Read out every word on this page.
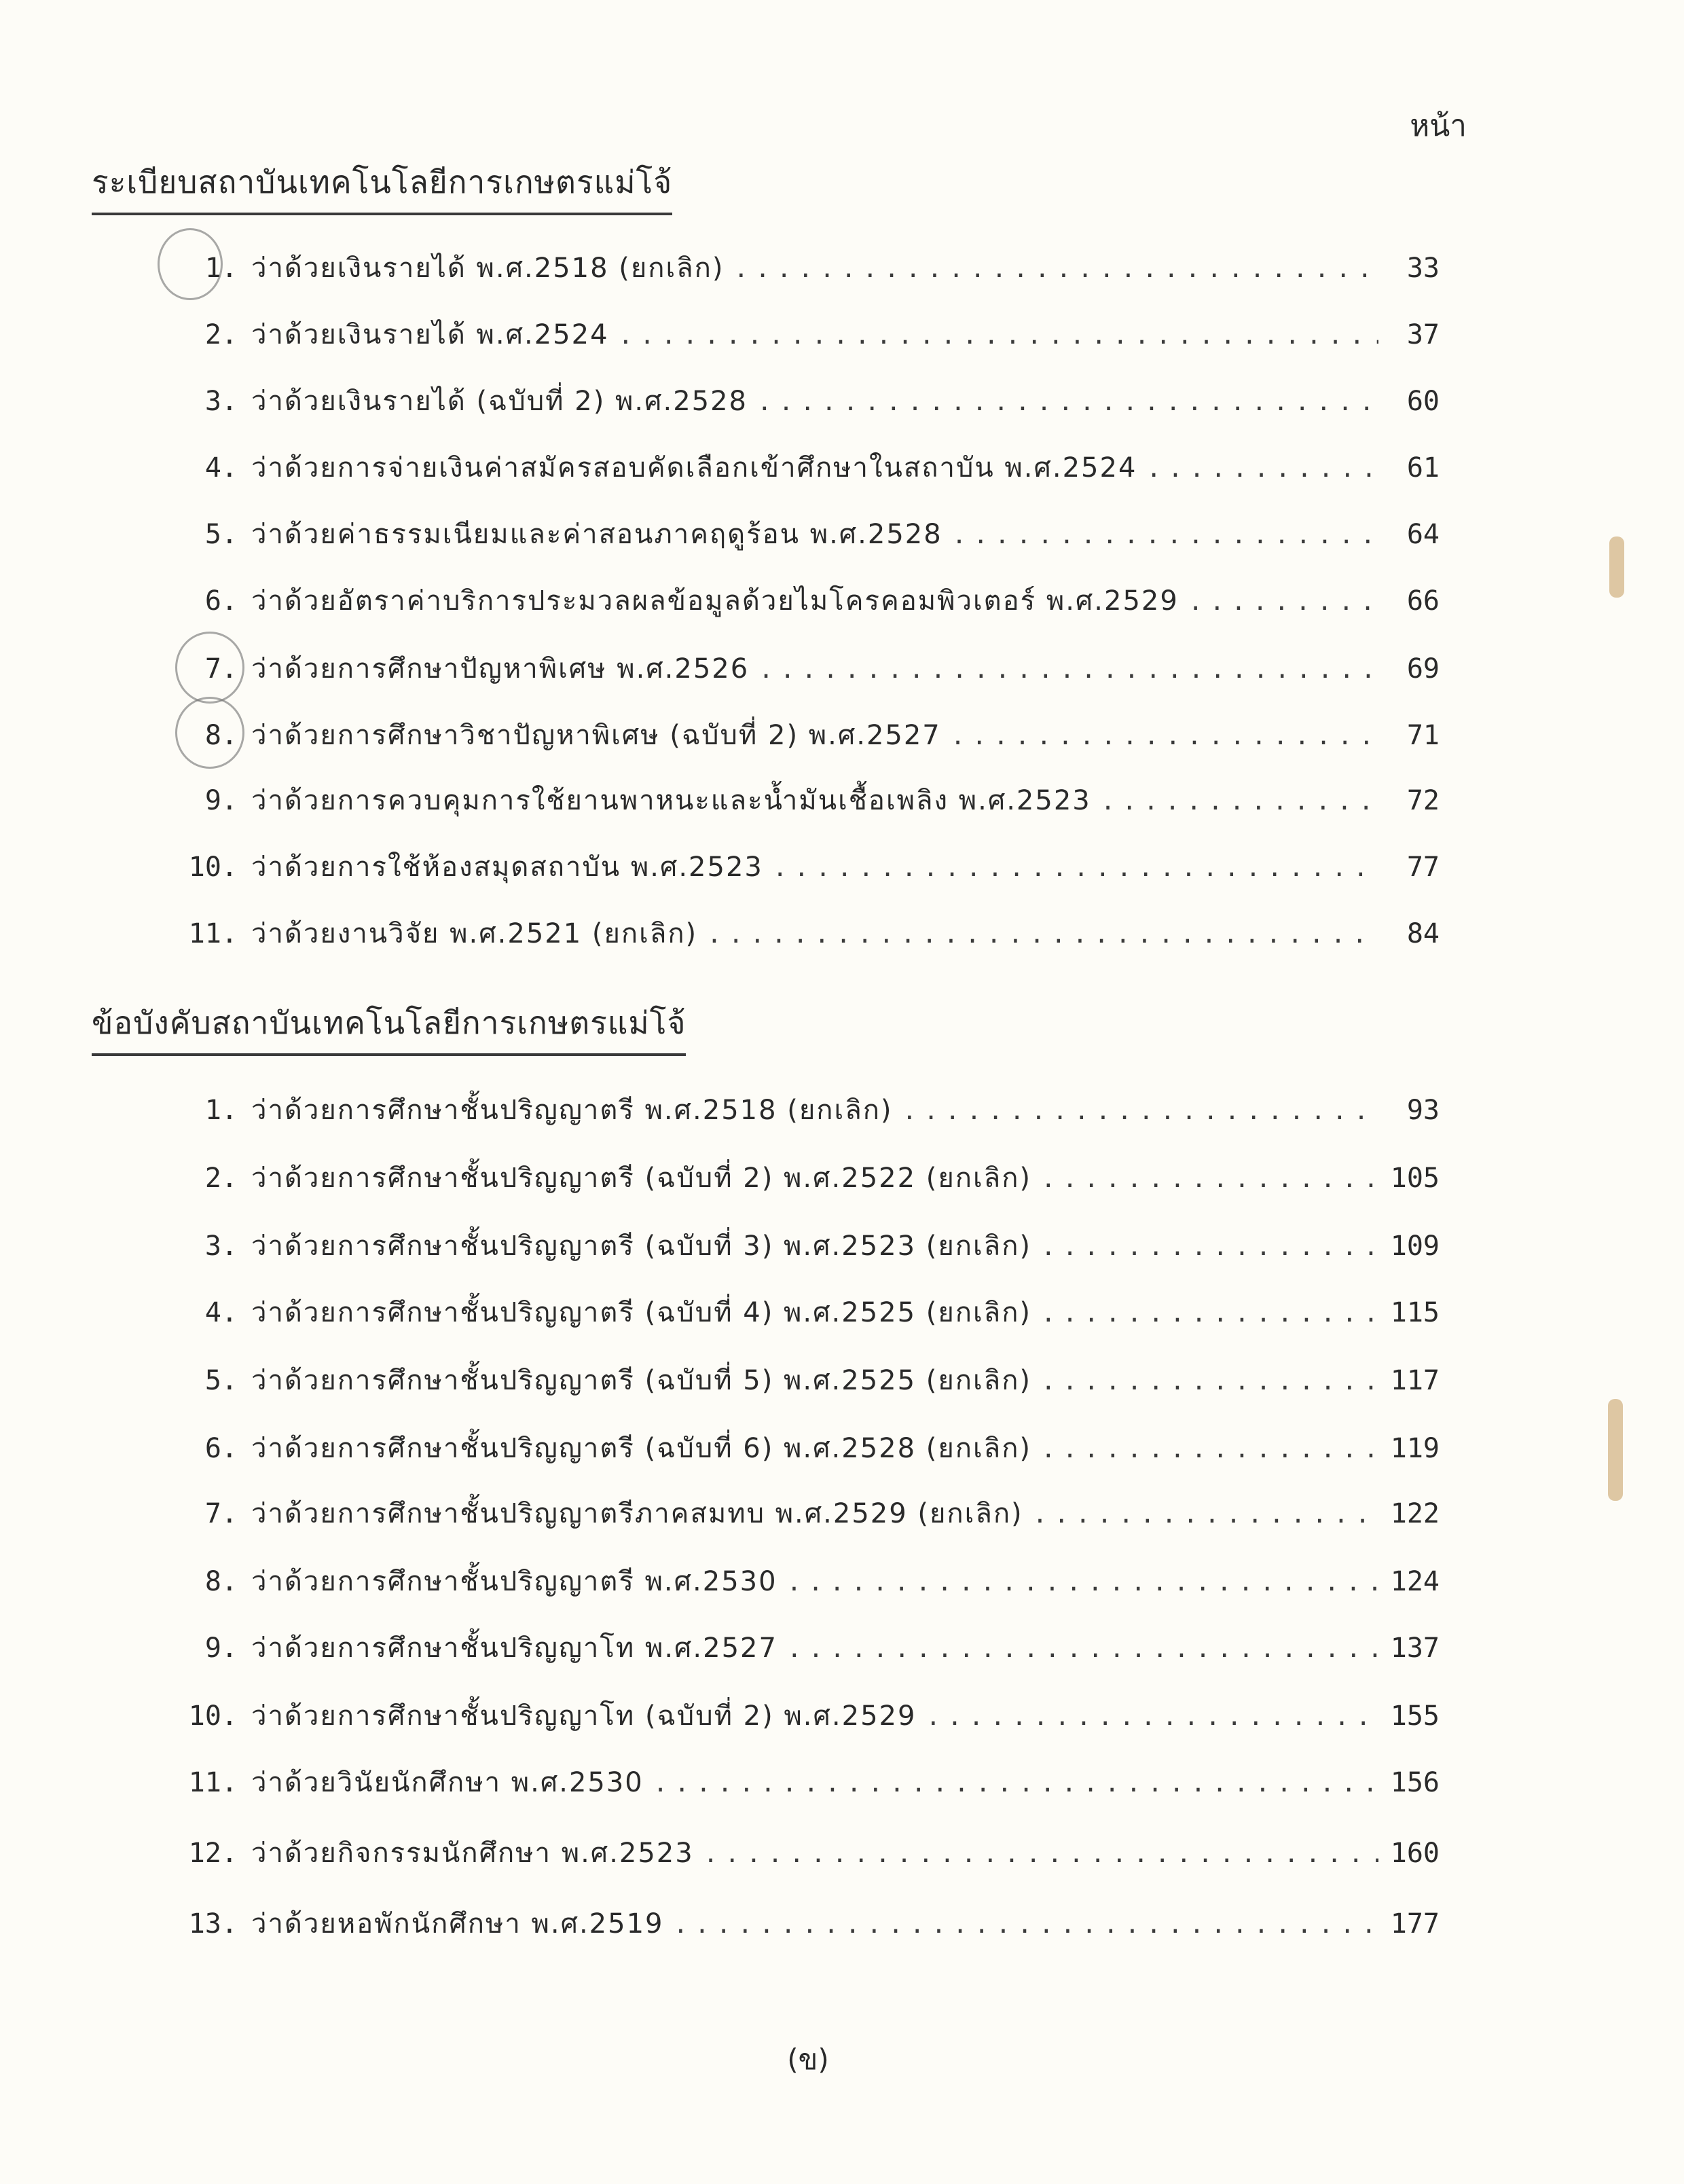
หน้า
ระเบียบสถาบันเทคโนโลยีการเกษตรแม่โจ้
1. ว่าด้วยเงินรายได้ พ.ศ.2518 (ยกเลิก) .....	33
2. ว่าด้วยเงินรายได้ พ.ศ.2524 .....	37
3. ว่าด้วยเงินรายได้ (ฉบับที่ 2) พ.ศ.2528 .....	60
4. ว่าด้วยการจ่ายเงินค่าสมัครสอบคัดเลือกเข้าศึกษาในสถาบัน พ.ศ.2524 .....	61
5. ว่าด้วยค่าธรรมเนียมและค่าสอนภาคฤดูร้อน พ.ศ.2528 .....	64
6. ว่าด้วยอัตราค่าบริการประมวลผลข้อมูลด้วยไมโครคอมพิวเตอร์ พ.ศ.2529 .....	66
7. ว่าด้วยการศึกษาปัญหาพิเศษ พ.ศ.2526 .....	69
8. ว่าด้วยการศึกษาวิชาปัญหาพิเศษ (ฉบับที่ 2) พ.ศ.2527 .....	71
9. ว่าด้วยการควบคุมการใช้ยานพาหนะและน้ำมันเชื้อเพลิง พ.ศ.2523 .....	72
10. ว่าด้วยการใช้ห้องสมุดสถาบัน พ.ศ.2523 .....	77
11. ว่าด้วยงานวิจัย พ.ศ.2521 (ยกเลิก) .....	84
ข้อบังคับสถาบันเทคโนโลยีการเกษตรแม่โจ้
1. ว่าด้วยการศึกษาชั้นปริญญาตรี พ.ศ.2518 (ยกเลิก) .....	93
2. ว่าด้วยการศึกษาชั้นปริญญาตรี (ฉบับที่ 2) พ.ศ.2522 (ยกเลิก) .....	105
3. ว่าด้วยการศึกษาชั้นปริญญาตรี (ฉบับที่ 3) พ.ศ.2523 (ยกเลิก) .....	109
4. ว่าด้วยการศึกษาชั้นปริญญาตรี (ฉบับที่ 4) พ.ศ.2525 (ยกเลิก) .....	115
5. ว่าด้วยการศึกษาชั้นปริญญาตรี (ฉบับที่ 5) พ.ศ.2525 (ยกเลิก) .....	117
6. ว่าด้วยการศึกษาชั้นปริญญาตรี (ฉบับที่ 6) พ.ศ.2528 (ยกเลิก) .....	119
7. ว่าด้วยการศึกษาชั้นปริญญาตรีภาคสมทบ พ.ศ.2529 (ยกเลิก) .....	122
8. ว่าด้วยการศึกษาชั้นปริญญาตรี พ.ศ.2530 .....	124
9. ว่าด้วยการศึกษาชั้นปริญญาโท พ.ศ.2527 .....	137
10. ว่าด้วยการศึกษาชั้นปริญญาโท (ฉบับที่ 2) พ.ศ.2529 .....	155
11. ว่าด้วยวินัยนักศึกษา พ.ศ.2530 .....	156
12. ว่าด้วยกิจกรรมนักศึกษา พ.ศ.2523 .....	160
13. ว่าด้วยหอพักนักศึกษา พ.ศ.2519 .....	177
(ข)
